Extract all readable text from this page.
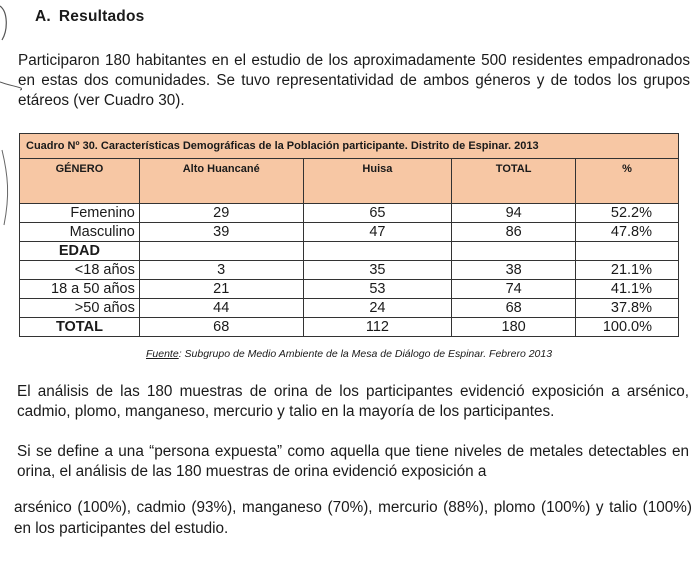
A. Resultados
Participaron 180 habitantes en el estudio de los aproximadamente 500 residentes empadronados en estas dos comunidades. Se tuvo representatividad de ambos géneros y de todos los grupos etáreos (ver Cuadro 30).
Cuadro Nº 30. Características Demográficas de la Población participante. Distrito de Espinar. 2013				
GÉNERO	Alto Huancané	Huisa	TOTAL	%
Femenino	29	65	94	52.2%
Masculino	39	47	86	47.8%
EDAD				
<18 años	3	35	38	21.1%
18 a 50 años	21	53	74	41.1%
>50 años	44	24	68	37.8%
TOTAL	68	112	180	100.0%
Fuente: Subgrupo de Medio Ambiente de la Mesa de Diálogo de Espinar. Febrero 2013
El análisis de las 180 muestras de orina de los participantes evidenció exposición a arsénico, cadmio, plomo, manganeso, mercurio y talio en la mayoría de los participantes.
Si se define a una “persona expuesta” como aquella que tiene niveles de metales detectables en orina, el análisis de las 180 muestras de orina evidenció exposición a
arsénico (100%), cadmio (93%), manganeso (70%), mercurio (88%), plomo (100%) y talio (100%) en los participantes del estudio.
